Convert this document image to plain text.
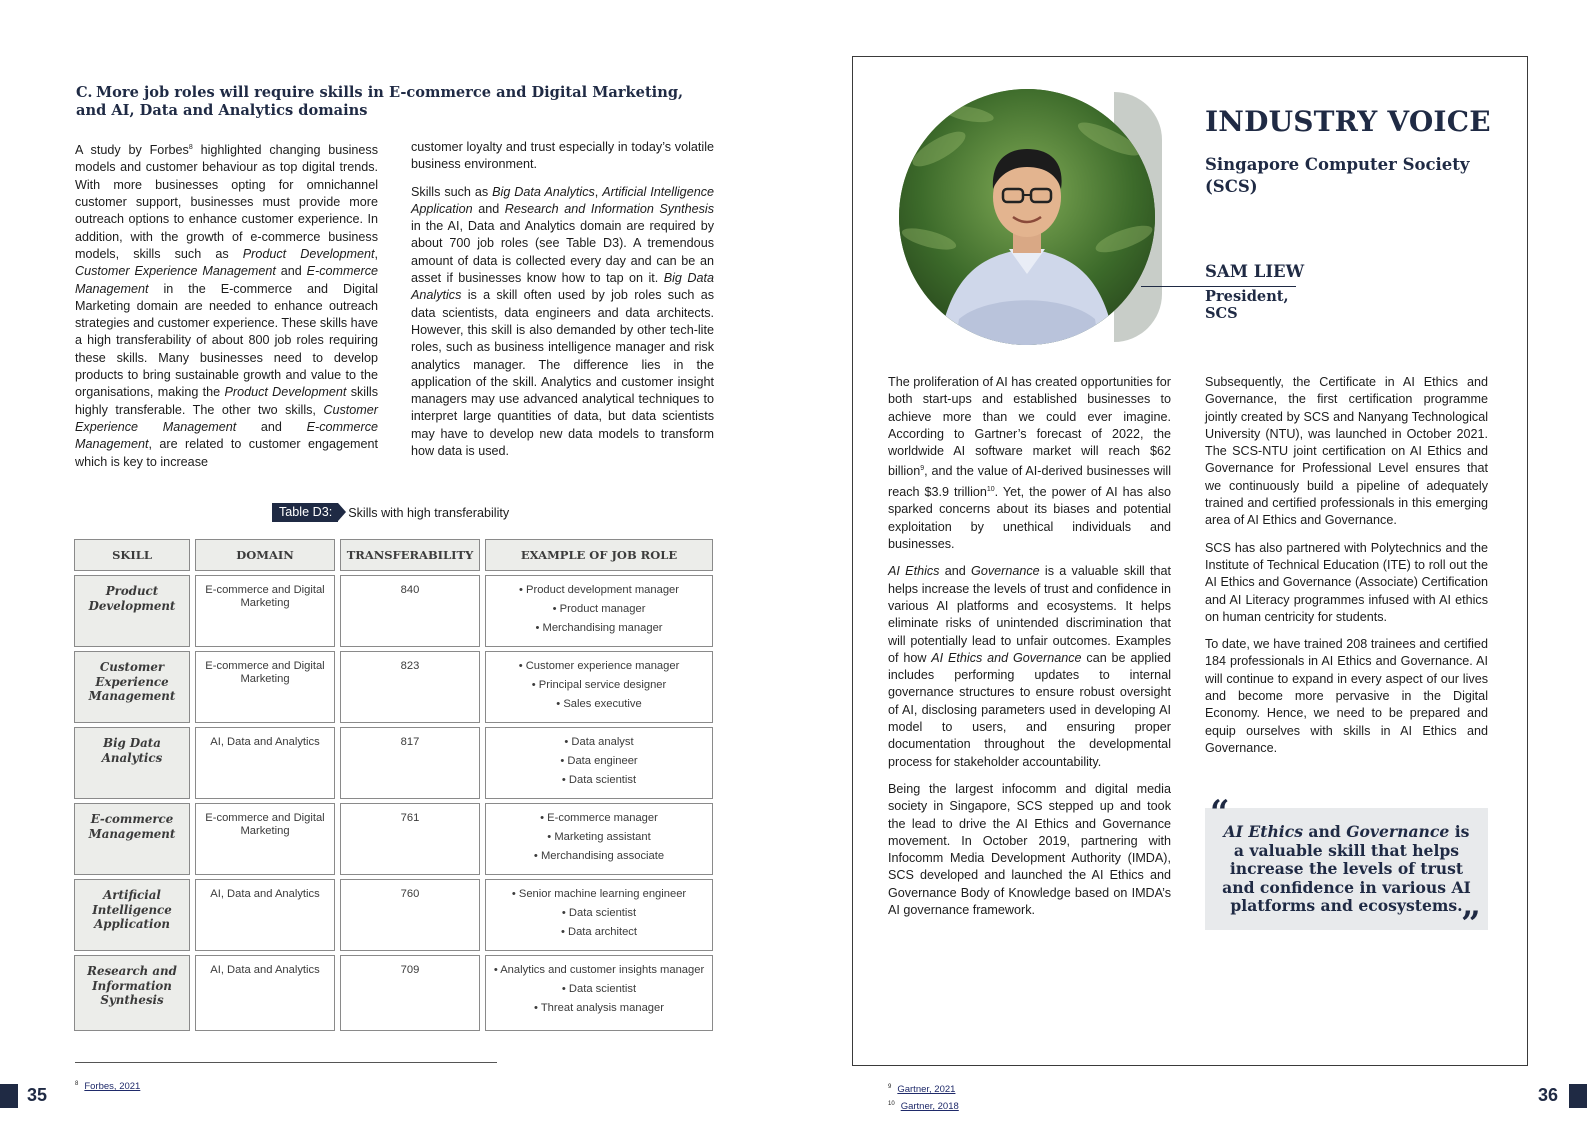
C. More job roles will require skills in E-commerce and Digital Marketing, and AI, Data and Analytics domains

A study by Forbes$^8$ highlighted changing business models and customer behaviour as top digital trends. With more businesses opting for omnichannel customer support, businesses must provide more outreach options to enhance customer experience. In addition, with the growth of e-commerce business models, skills such as Product Development, Customer Experience Management and E-commerce Management in the E-commerce and Digital Marketing domain are needed to enhance outreach strategies and customer experience. These skills have a high transferability of about 800 job roles requiring these skills. Many businesses need to develop products to bring sustainable growth and value to the organisations, making the Product Development skills highly transferable. The other two skills, Customer Experience Management and E-commerce Management, are related to customer engagement which is key to increase

customer loyalty and trust especially in today’s volatile business environment.

Skills such as Big Data Analytics, Artificial Intelligence Application and Research and Information Synthesis in the AI, Data and Analytics domain are required by about 700 job roles (see Table D3). A tremendous amount of data is collected every day and can be an asset if businesses know how to tap on it. Big Data Analytics is a skill often used by job roles such as data scientists, data engineers and data architects. However, this skill is also demanded by other tech-lite roles, such as business intelligence manager and risk analytics manager. The difference lies in the application of the skill. Analytics and customer insight managers may use advanced analytical techniques to interpret large quantities of data, but data scientists may have to develop new data models to transform how data is used.

Table D3:	Skills with high transferability
SKILL	DOMAIN	TRANSFERABILITY	EXAMPLE OF JOB ROLE
Product Development	E-commerce and Digital Marketing	840	• Product development manager
• Product manager
• Merchandising manager

Customer Experience Management	E-commerce and Digital Marketing	823	• Customer experience manager
• Principal service designer
• Sales executive

Big Data Analytics	AI, Data and Analytics	817	• Data analyst
• Data engineer
• Data scientist

E-commerce Management	E-commerce and Digital Marketing	761	• E-commerce manager
• Marketing assistant
• Merchandising associate

Artificial Intelligence Application	AI, Data and Analytics	760	• Senior machine learning engineer
• Data scientist
• Data architect

Research and Information Synthesis	AI, Data and Analytics	709	• Analytics and customer insights manager
• Data scientist
• Threat analysis manager
$^8$ Forbes, 2021
35
INDUSTRY VOICE
Singapore Computer Society (SCS)
SAM LIEW
President, SCS

The proliferation of AI has created opportunities for both start-ups and established businesses to achieve more than we could ever imagine. According to Gartner’s forecast of 2022, the worldwide AI software market will reach $62 billion$^9$, and the value of AI-derived businesses will reach $3.9 trillion$^{10}$. Yet, the power of AI has also sparked concerns about its biases and potential exploitation by unethical individuals and businesses.

AI Ethics and Governance is a valuable skill that helps increase the levels of trust and confidence in various AI platforms and ecosystems. It helps eliminate risks of unintended discrimination that will potentially lead to unfair outcomes. Examples of how AI Ethics and Governance can be applied includes performing updates to internal governance structures to ensure robust oversight of AI, disclosing parameters used in developing AI model to users, and ensuring proper documentation throughout the developmental process for stakeholder accountability.

Being the largest infocomm and digital media society in Singapore, SCS stepped up and took the lead to drive the AI Ethics and Governance movement. In October 2019, partnering with Infocomm Media Development Authority (IMDA), SCS developed and launched the AI Ethics and Governance Body of Knowledge based on IMDA’s AI governance framework.

Subsequently, the Certificate in AI Ethics and Governance, the first certification programme jointly created by SCS and Nanyang Technological University (NTU), was launched in October 2021. The SCS-NTU joint certification on AI Ethics and Governance for Professional Level ensures that we continuously build a pipeline of adequately trained and certified professionals in this emerging area of AI Ethics and Governance.

SCS has also partnered with Polytechnics and the Institute of Technical Education (ITE) to roll out the AI Ethics and Governance (Associate) Certification and AI Literacy programmes infused with AI ethics on human centricity for students.

To date, we have trained 208 trainees and certified 184 professionals in AI Ethics and Governance. AI will continue to expand in every aspect of our lives and become more pervasive in the Digital Economy. Hence, we need to be prepared and equip ourselves with skills in AI Ethics and Governance.

AI Ethics and Governance is a valuable skill that helps increase the levels of trust and confidence in various AI platforms and ecosystems.
“
”
$^9$ Gartner, 2021
$^{10}$ Gartner, 2018
36
